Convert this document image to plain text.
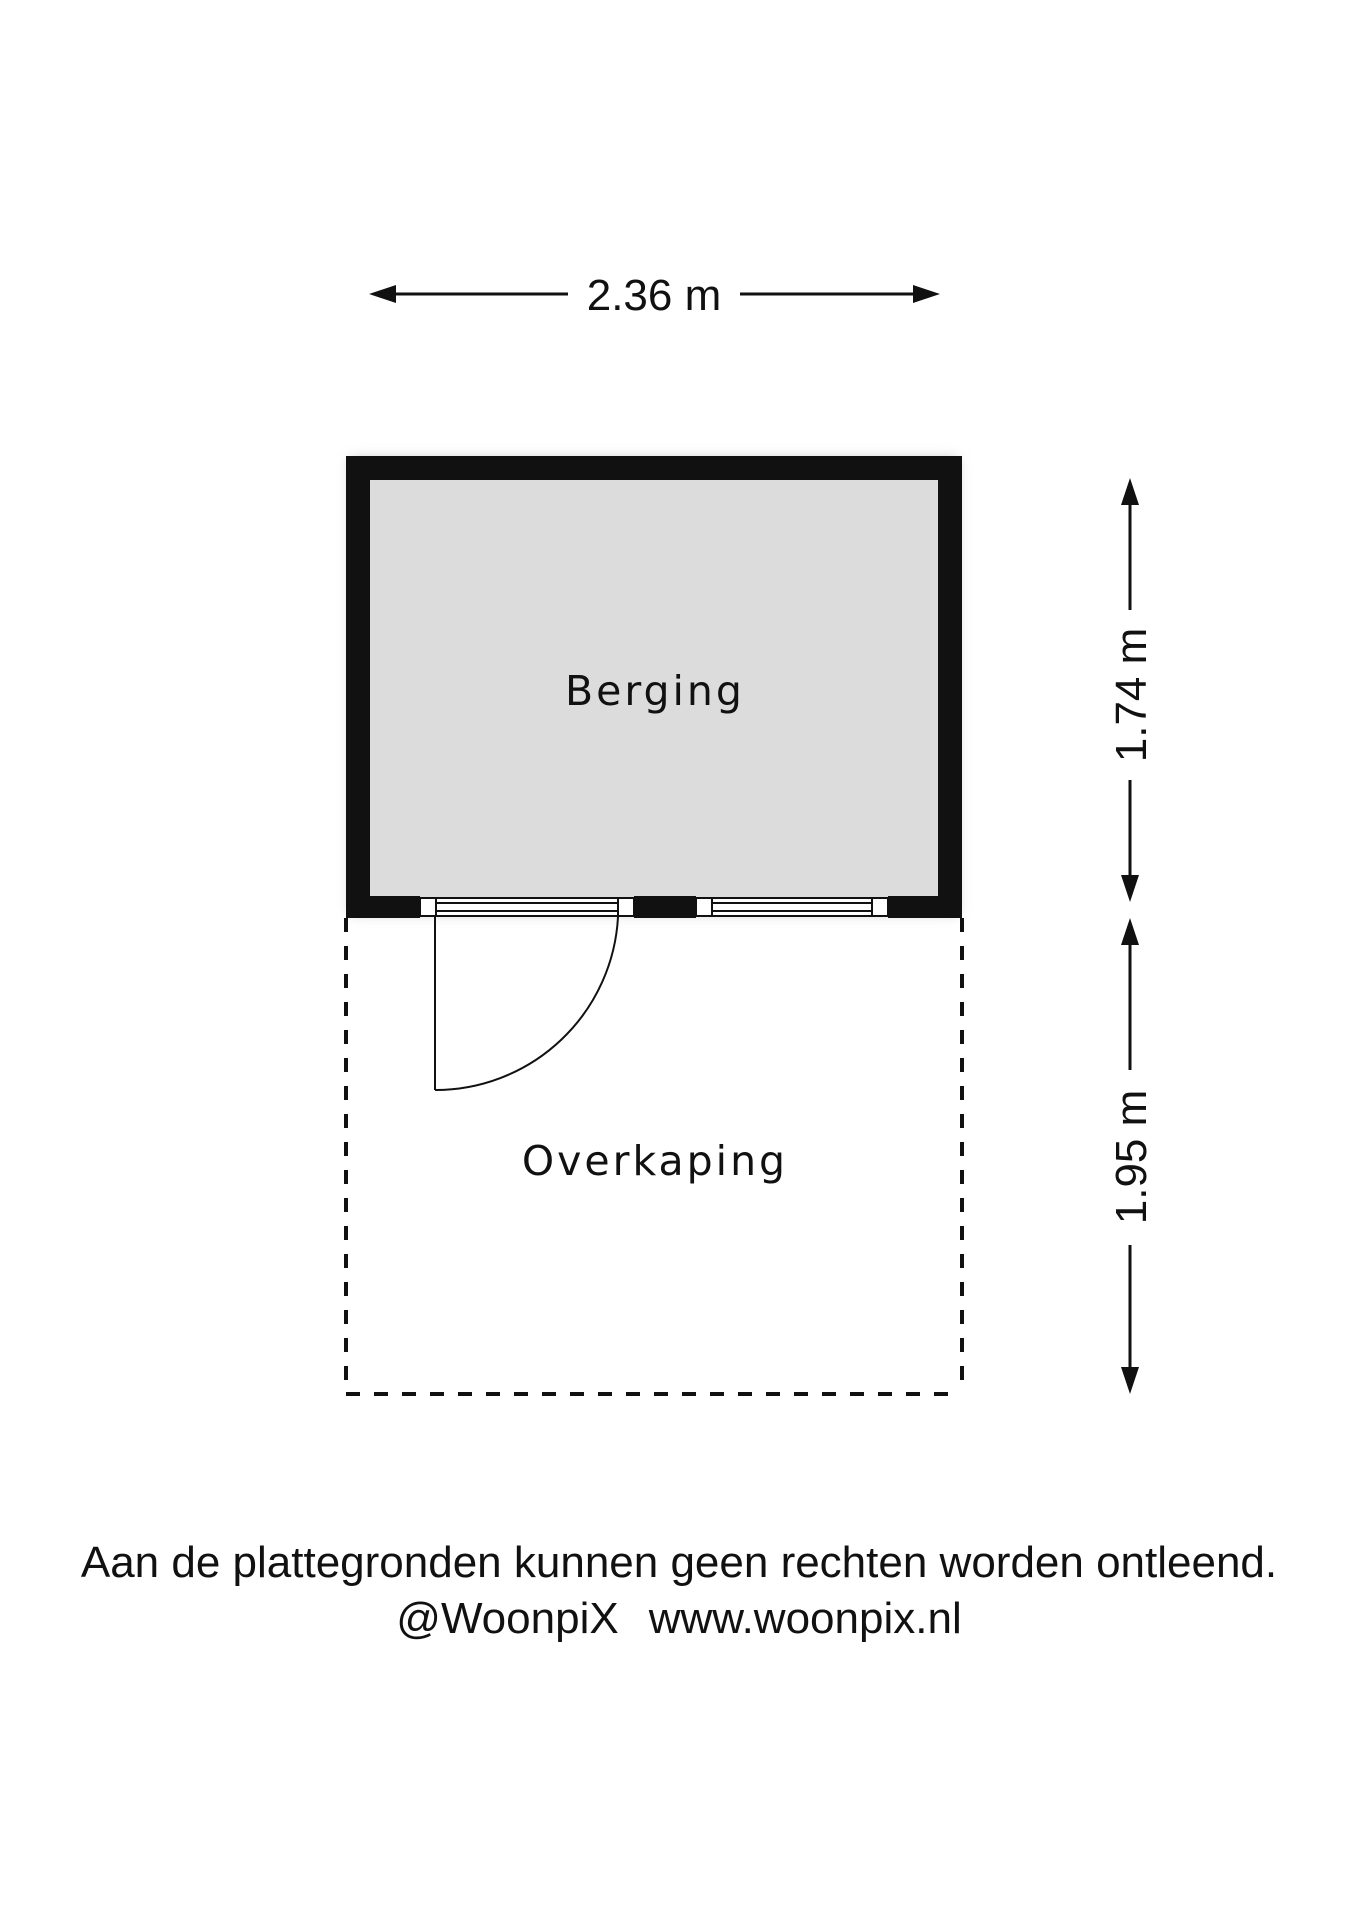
Berging
Overkaping
2.36 m
1.74 m
1.95 m
Aan de plattegronden kunnen geen rechten worden ontleend.
@WoonpiX www.woonpix.nl
